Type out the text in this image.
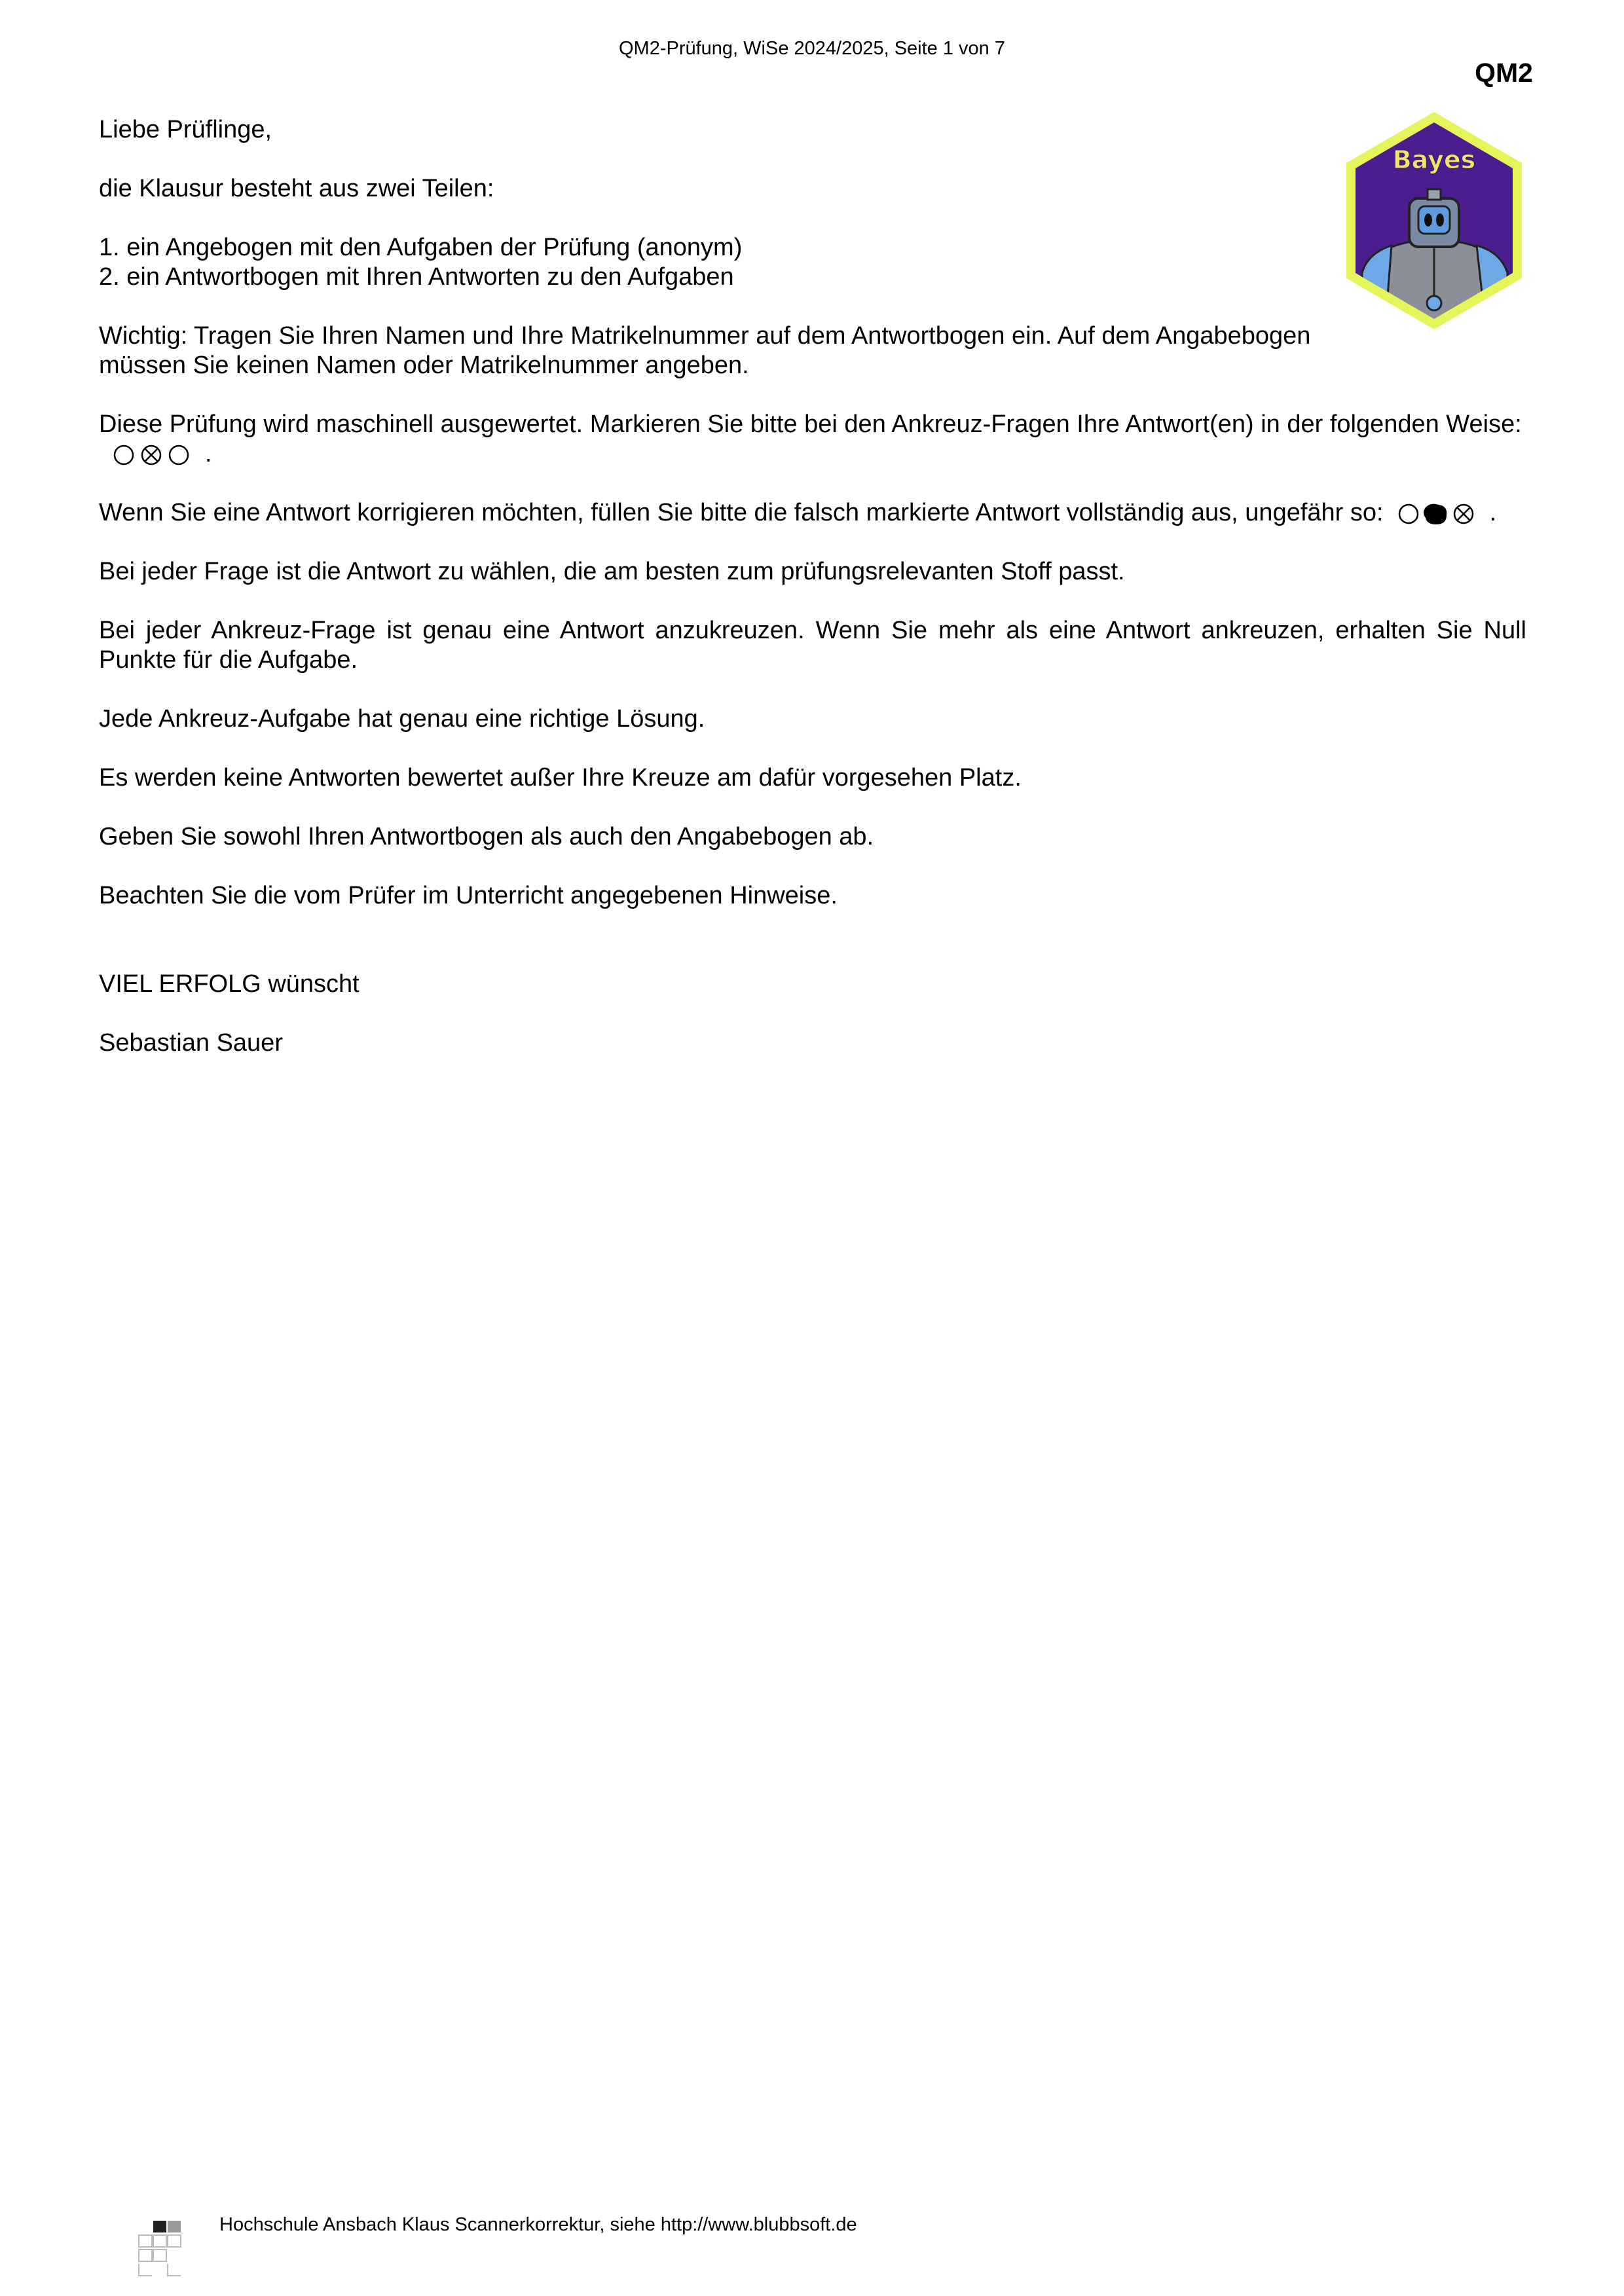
QM2-Prüfung, WiSe 2024/2025, Seite 1 von 7
QM2
Bayes

Liebe Prüflinge,

die Klausur besteht aus zwei Teilen:

1. ein Angebogen mit den Aufgaben der Prüfung (anonym)
2. ein Antwortbogen mit Ihren Antworten zu den Aufgaben

Wichtig: Tragen Sie Ihren Namen und Ihre Matrikelnummer auf dem Antwortbogen ein. Auf dem Angabebogen müssen Sie keinen Namen oder Matrikelnummer angeben.

Diese Prüfung wird maschinell ausgewertet. Markieren Sie bitte bei den Ankreuz-Fragen Ihre Antwort(en) in der folgenden Weise:

.

Wenn Sie eine Antwort korrigieren möchten, füllen Sie bitte die falsch markierte Antwort vollständig aus, ungefähr so:	.

Bei jeder Frage ist die Antwort zu wählen, die am besten zum prüfungsrelevanten Stoff passt.

Bei jeder Ankreuz-Frage ist genau eine Antwort anzukreuzen. Wenn Sie mehr als eine Antwort ankreuzen, erhalten Sie Null Punkte für die Aufgabe.

Jede Ankreuz-Aufgabe hat genau eine richtige Lösung.

Es werden keine Antworten bewertet außer Ihre Kreuze am dafür vorgesehen Platz.

Geben Sie sowohl Ihren Antwortbogen als auch den Angabebogen ab.

Beachten Sie die vom Prüfer im Unterricht angegebenen Hinweise.

VIEL ERFOLG wünscht

Sebastian Sauer

Hochschule Ansbach Klaus Scannerkorrektur, siehe http://www.blubbsoft.de
